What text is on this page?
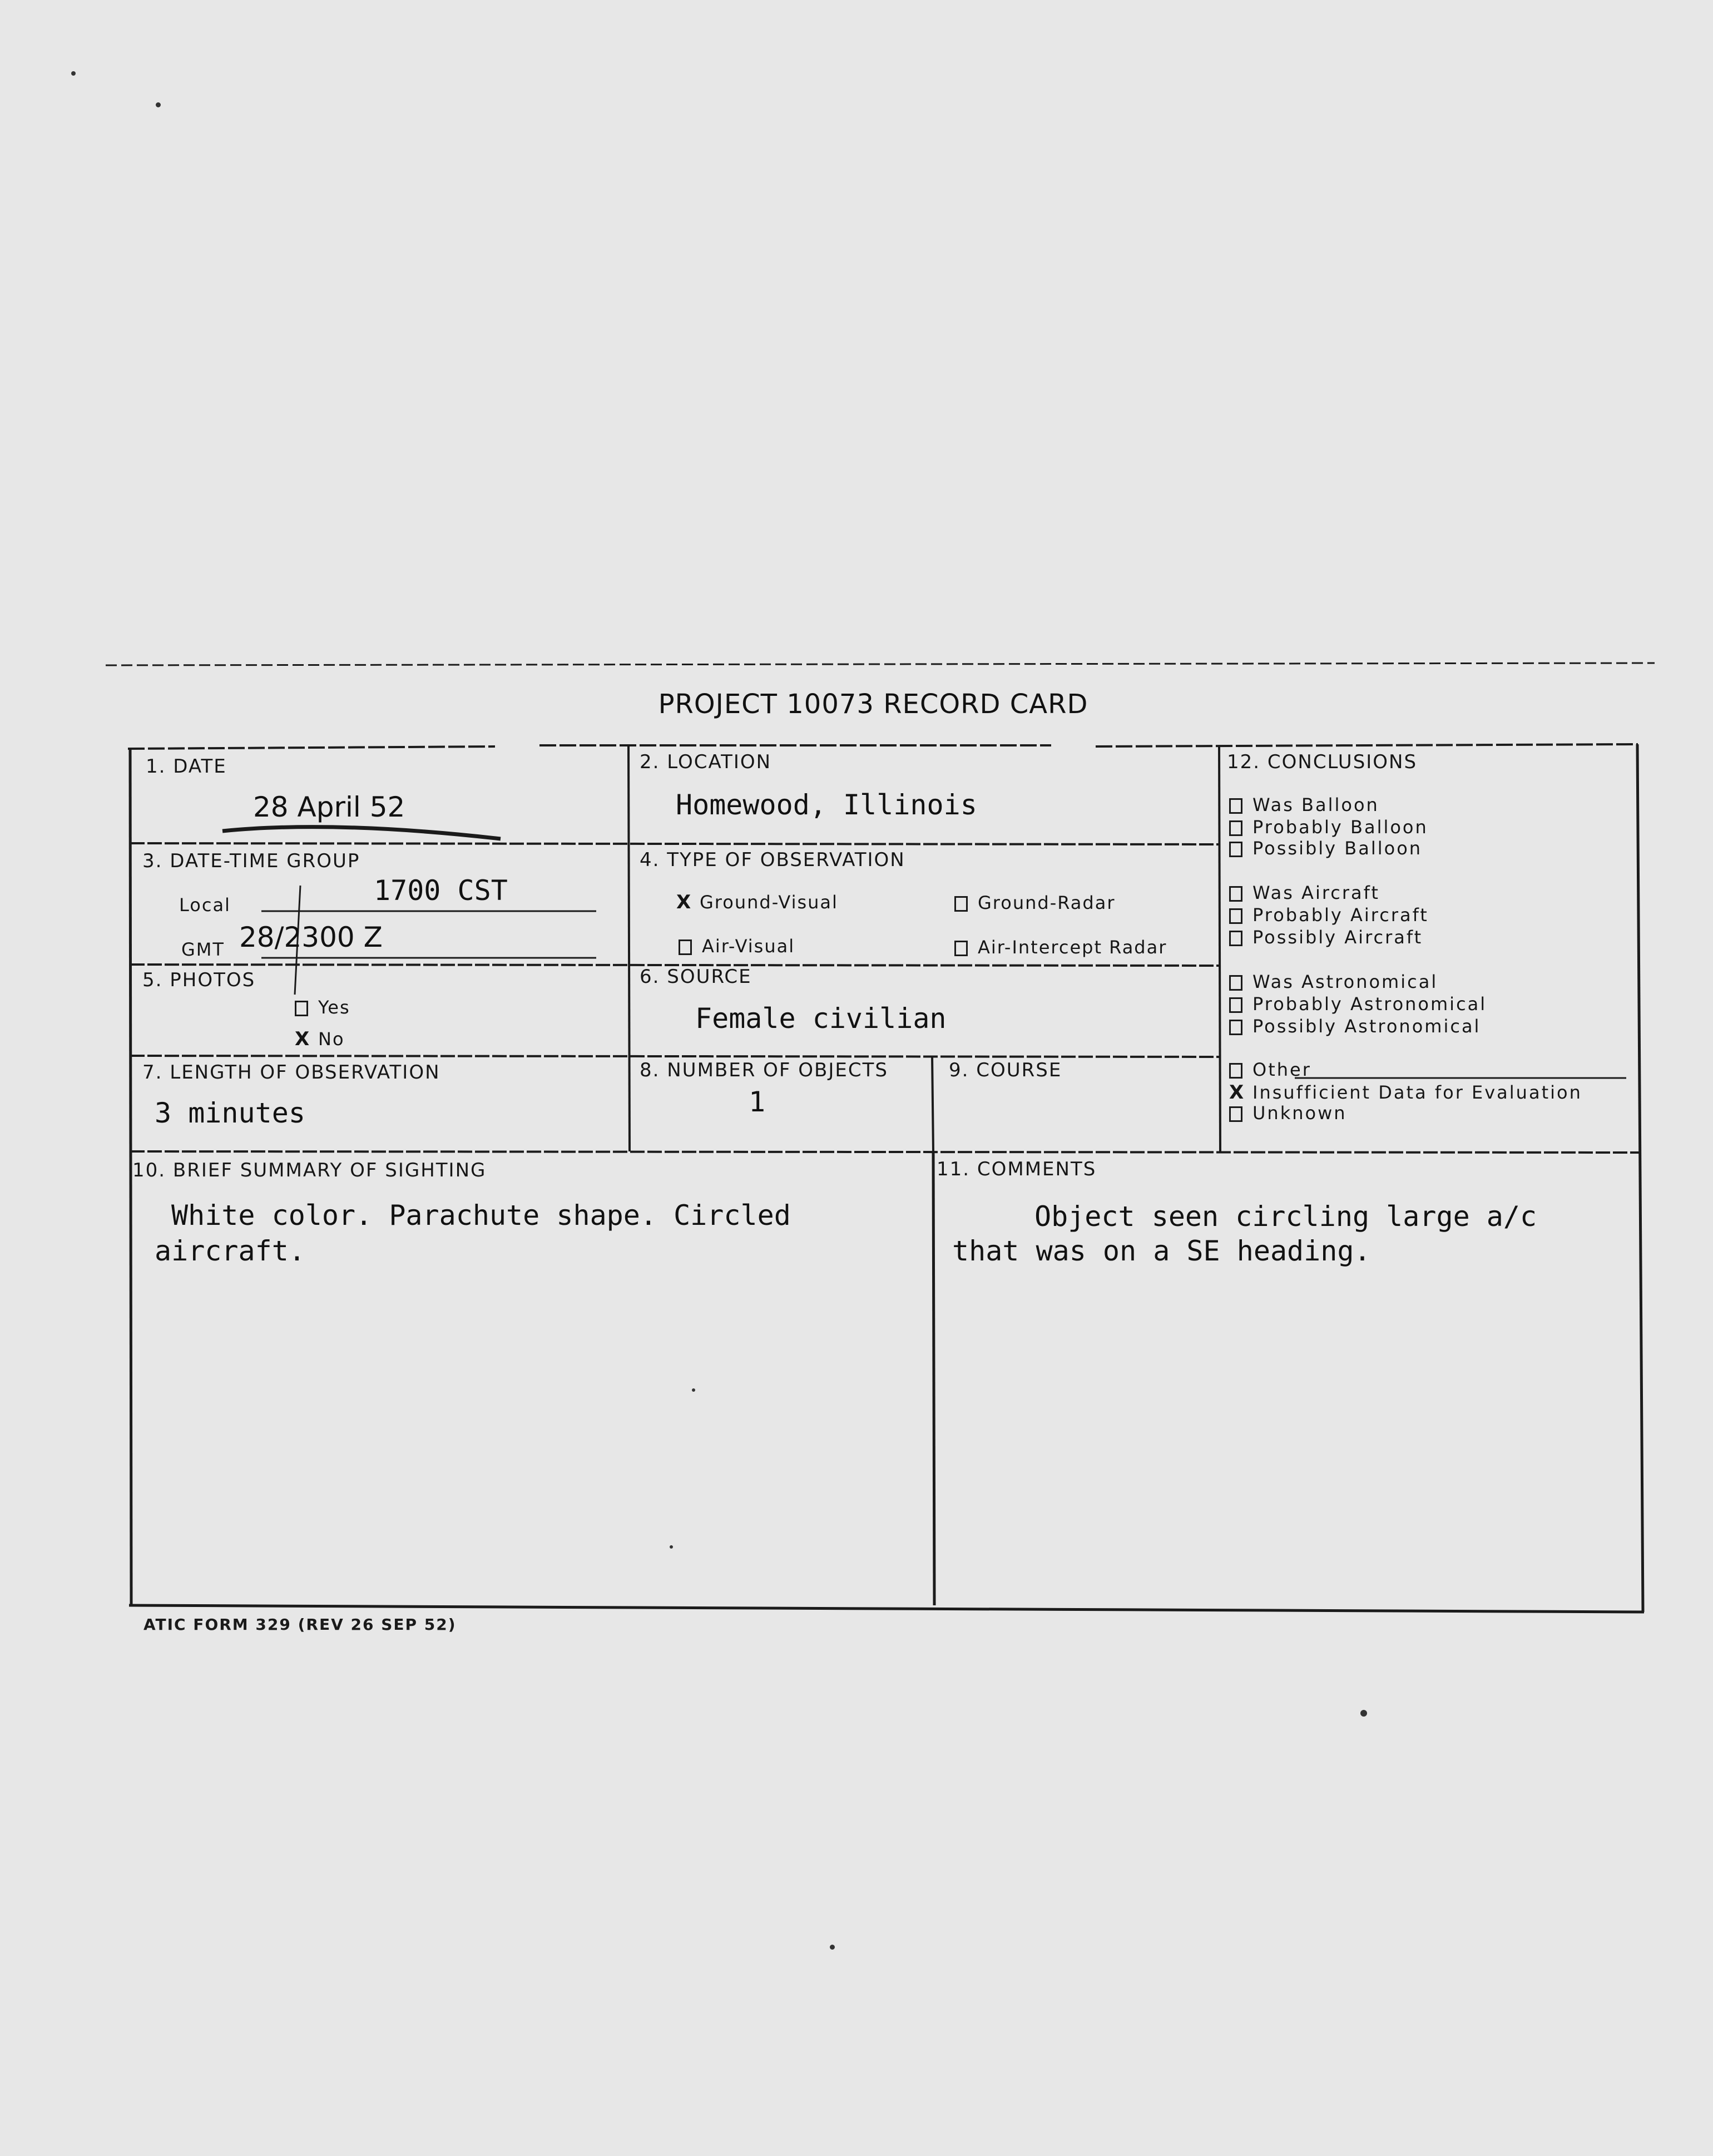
PROJECT 10073 RECORD CARD
1. DATE
28 April 52
2. LOCATION
Homewood, Illinois
3. DATE-TIME GROUP
Local	1700 CST
GMT 28/2300 Z
4. TYPE OF OBSERVATION
X Ground-Visual	Ground-Radar
Air-Visual	Air-Intercept Radar
5. PHOTOS
Yes
X No
6. SOURCE
Female civilian
7. LENGTH OF OBSERVATION
3 minutes
8. NUMBER OF OBJECTS
1
9. COURSE
10. BRIEF SUMMARY OF SIGHTING
White color. Parachute shape. Circled
aircraft.
11. COMMENTS
Object seen circling large a/c
that was on a SE heading.
12. CONCLUSIONS
Was Balloon
Probably Balloon
Possibly Balloon
Was Aircraft
Probably Aircraft
Possibly Aircraft
Was Astronomical
Probably Astronomical
Possibly Astronomical
Other
X Insufficient Data for Evaluation
Unknown
ATIC FORM 329 (REV 26 SEP 52)
